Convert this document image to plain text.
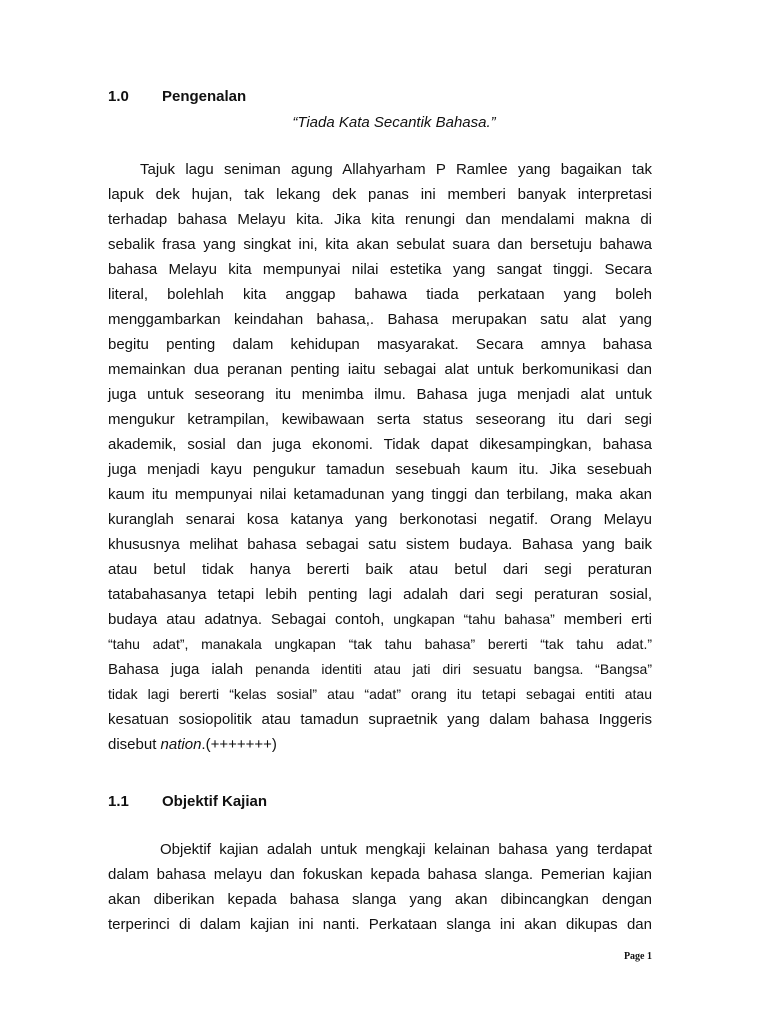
1.0 Pengenalan
“Tiada Kata Secantik Bahasa.”
Tajuk lagu seniman agung Allahyarham P Ramlee yang bagaikan tak
lapuk dek hujan, tak lekang dek panas ini memberi banyak interpretasi
terhadap bahasa Melayu kita. Jika kita renungi dan mendalami makna di
sebalik frasa yang singkat ini, kita akan sebulat suara dan bersetuju bahawa
bahasa Melayu kita mempunyai nilai estetika yang sangat tinggi. Secara
literal, bolehlah kita anggap bahawa tiada perkataan yang boleh
menggambarkan keindahan bahasa,. Bahasa merupakan satu alat yang
begitu penting dalam kehidupan masyarakat. Secara amnya bahasa
memainkan dua peranan penting iaitu sebagai alat untuk berkomunikasi dan
juga untuk seseorang itu menimba ilmu. Bahasa juga menjadi alat untuk
mengukur ketrampilan, kewibawaan serta status seseorang itu dari segi
akademik, sosial dan juga ekonomi. Tidak dapat dikesampingkan, bahasa
juga menjadi kayu pengukur tamadun sesebuah kaum itu. Jika sesebuah
kaum itu mempunyai nilai ketamadunan yang tinggi dan terbilang, maka akan
kuranglah senarai kosa katanya yang berkonotasi negatif. Orang Melayu
khususnya melihat bahasa sebagai satu sistem budaya. Bahasa yang baik
atau betul tidak hanya bererti baik atau betul dari segi peraturan
tatabahasanya tetapi lebih penting lagi adalah dari segi peraturan sosial,
budaya atau adatnya. Sebagai contoh, ungkapan “tahu bahasa” memberi erti
“tahu adat”, manakala ungkapan “tak tahu bahasa” bererti “tak tahu adat.”
Bahasa juga ialah penanda identiti atau jati diri sesuatu bangsa. “Bangsa”
tidak lagi bererti “kelas sosial” atau “adat” orang itu tetapi sebagai entiti atau
kesatuan sosiopolitik atau tamadun supraetnik yang dalam bahasa Inggeris
disebut nation.(+++++++)
1.1 Objektif Kajian
Objektif kajian adalah untuk mengkaji kelainan bahasa yang terdapat
dalam bahasa melayu dan fokuskan kepada bahasa slanga. Pemerian kajian
akan diberikan kepada bahasa slanga yang akan dibincangkan dengan
terperinci di dalam kajian ini nanti. Perkataan slanga ini akan dikupas dan
Page 1
